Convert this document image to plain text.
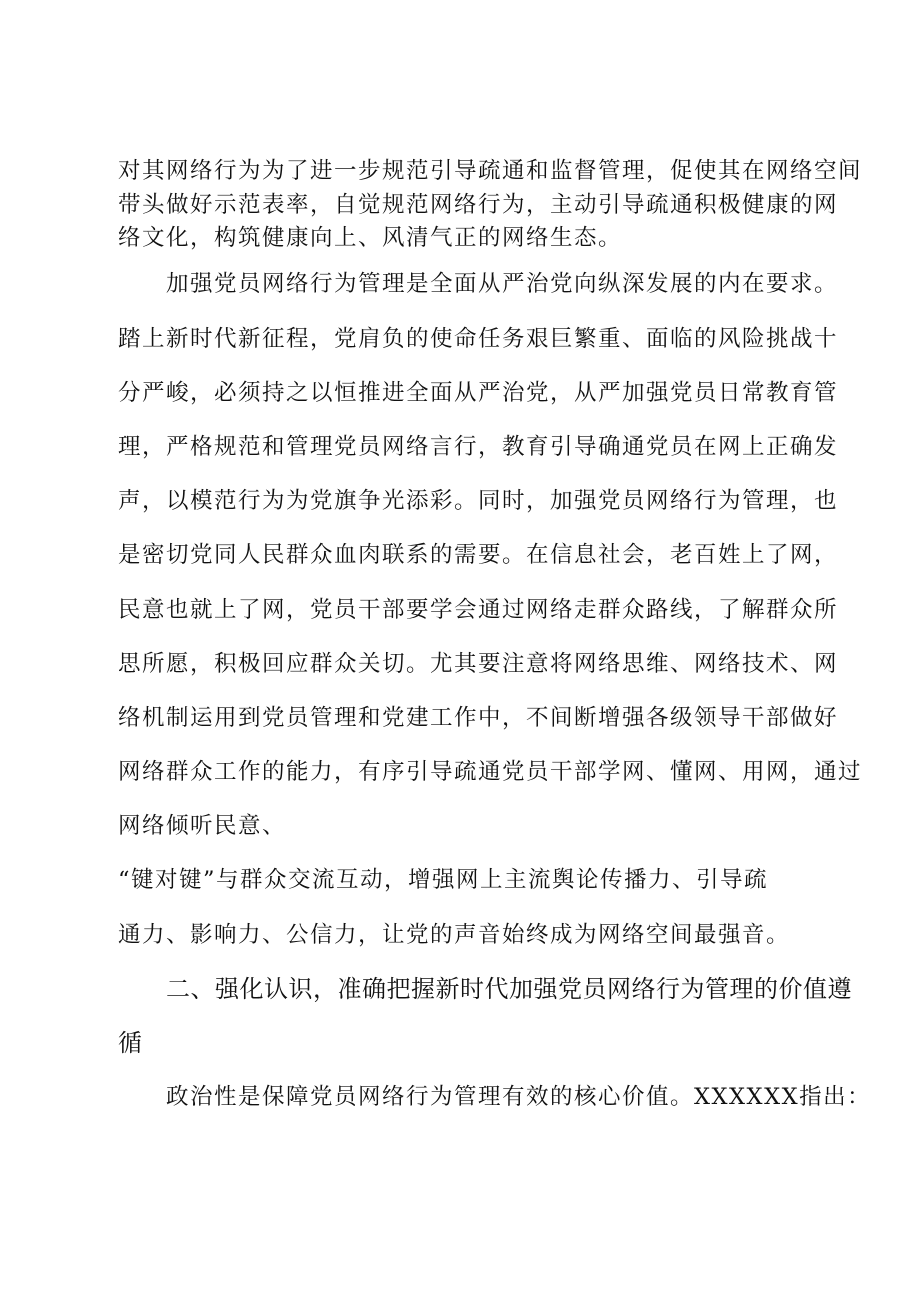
对其网络行为为了进一步规范引导疏通和监督管理，促使其在网络空间
带头做好示范表率，自觉规范网络行为，主动引导疏通积极健康的网
络文化，构筑健康向上、风清气正的网络生态。
加强党员网络行为管理是全面从严治党向纵深发展的内在要求。
踏上新时代新征程，党肩负的使命任务艰巨繁重、面临的风险挑战十
分严峻，必须持之以恒推进全面从严治党，从严加强党员日常教育管
理，严格规范和管理党员网络言行，教育引导确通党员在网上正确发
声，以模范行为为党旗争光添彩。同时，加强党员网络行为管理，也
是密切党同人民群众血肉联系的需要。在信息社会，老百姓上了网，
民意也就上了网，党员干部要学会通过网络走群众路线，了解群众所
思所愿，积极回应群众关切。尤其要注意将网络思维、网络技术、网
络机制运用到党员管理和党建工作中，不间断增强各级领导干部做好
网络群众工作的能力，有序引导疏通党员干部学网、懂网、用网，通过
网络倾听民意、
“键对键”与群众交流互动，增强网上主流舆论传播力、引导疏
通力、影响力、公信力，让党的声音始终成为网络空间最强音。
二、强化认识，准确把握新时代加强党员网络行为管理的价值遵
循
政治性是保障党员网络行为管理有效的核心价值。XXXXXX指出：
